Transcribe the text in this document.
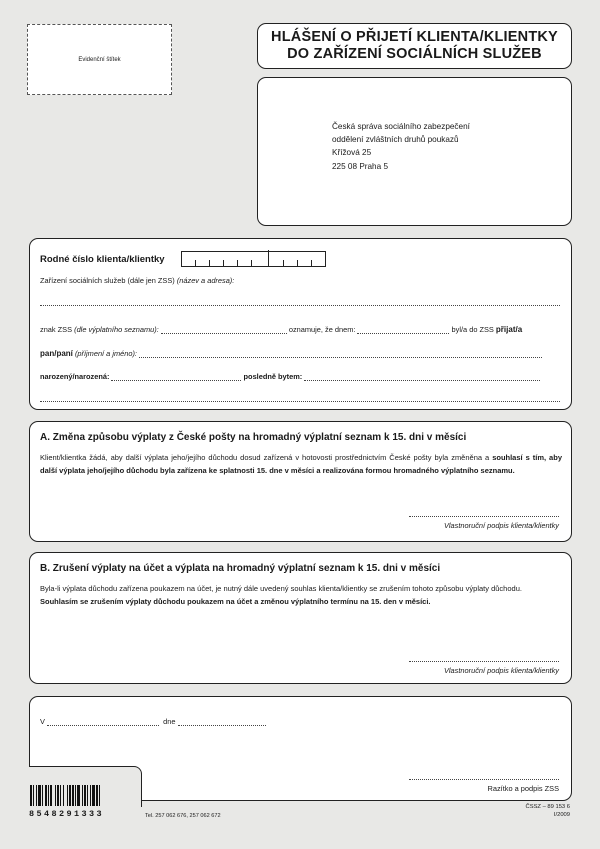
Evidenční štítek
HLÁŠENÍ O PŘIJETÍ KLIENTA/KLIENTKY
DO ZAŘÍZENÍ SOCIÁLNÍCH SLUŽEB
Česká správa sociálního zabezpečení
oddělení zvláštních druhů poukazů
Křížová 25
225 08 Praha 5
Rodné číslo klienta/klientky
Zařízení sociálních služeb (dále jen ZSS) (název a adresa):
znak ZSS (dle výplatního seznamu):	oznamuje, že dnem:	byl/a do ZSS přijat/a
pan/paní (příjmení a jméno):
narozený/narozená:	posledně bytem:
A. Změna způsobu výplaty z České pošty na hromadný výplatní seznam k 15. dni v měsíci
Klient/klientka žádá, aby další výplata jeho/jejího důchodu dosud zařízená v hotovosti prostřednictvím České pošty byla změněna a souhlasí s tím, aby další výplata jeho/jejího důchodu byla zařízena ke splatnosti 15. dne v měsíci a realizována formou hromadného výplatního seznamu.
Vlastnoruční podpis klienta/klientky
B. Zrušení výplaty na účet a výplata na hromadný výplatní seznam k 15. dni v měsíci
Byla-li výplata důchodu zařízena poukazem na účet, je nutný dále uvedený souhlas klienta/klientky se zrušením tohoto způsobu výplaty důchodu.
Souhlasím se zrušením výplaty důchodu poukazem na účet a změnou výplatního termínu na 15. den v měsíci.
Vlastnoruční podpis klienta/klientky
V	dne
Razítko a podpis ZSS
8548291333	Tel. 257 062 676, 257 062 672
ČSSZ – 89 153 6
I/2009
